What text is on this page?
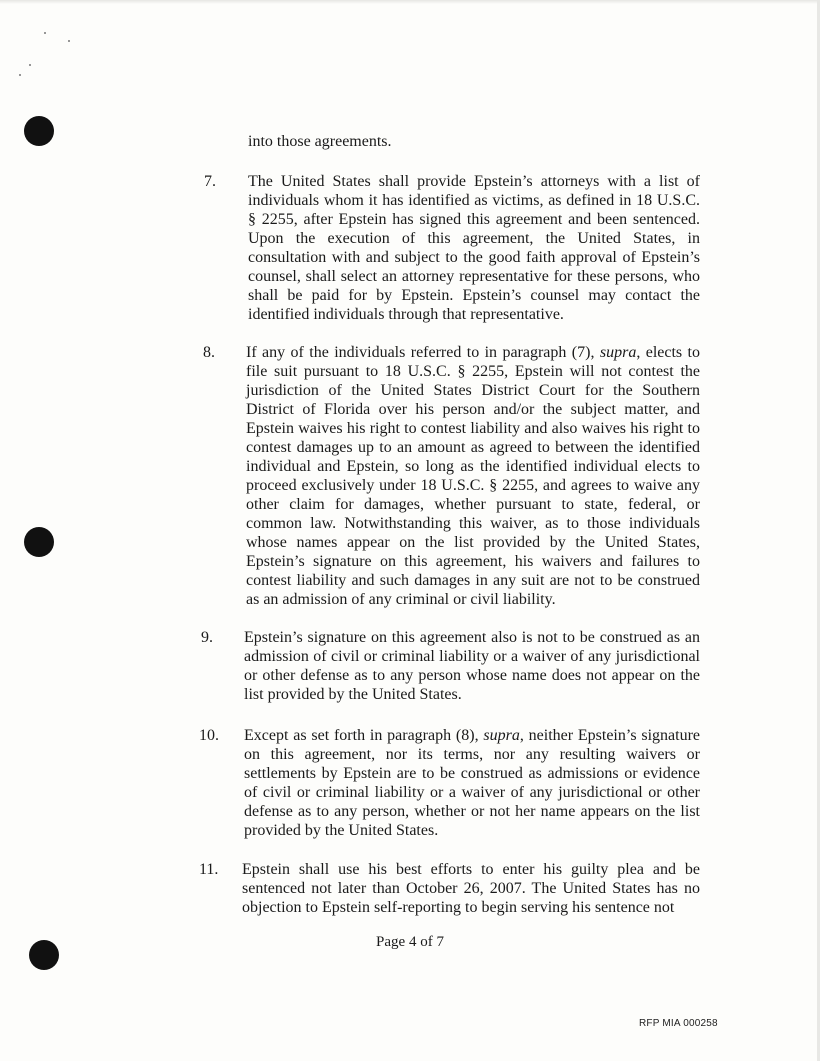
into those agreements.
7. The United States shall provide Epstein’s attorneys with a list of individuals whom it has identified as victims, as defined in 18 U.S.C. § 2255, after Epstein has signed this agreement and been sentenced. Upon the execution of this agreement, the United States, in consultation with and subject to the good faith approval of Epstein’s counsel, shall select an attorney representative for these persons, who shall be paid for by Epstein. Epstein’s counsel may contact the identified individuals through that representative.
8. If any of the individuals referred to in paragraph (7), supra, elects to file suit pursuant to 18 U.S.C. § 2255, Epstein will not contest the jurisdiction of the United States District Court for the Southern District of Florida over his person and/or the subject matter, and Epstein waives his right to contest liability and also waives his right to contest damages up to an amount as agreed to between the identified individual and Epstein, so long as the identified individual elects to proceed exclusively under 18 U.S.C. § 2255, and agrees to waive any other claim for damages, whether pursuant to state, federal, or common law. Notwithstanding this waiver, as to those individuals whose names appear on the list provided by the United States, Epstein’s signature on this agreement, his waivers and failures to contest liability and such damages in any suit are not to be construed as an admission of any criminal or civil liability.
9. Epstein’s signature on this agreement also is not to be construed as an admission of civil or criminal liability or a waiver of any jurisdictional or other defense as to any person whose name does not appear on the list provided by the United States.
10. Except as set forth in paragraph (8), supra, neither Epstein’s signature on this agreement, nor its terms, nor any resulting waivers or settlements by Epstein are to be construed as admissions or evidence of civil or criminal liability or a waiver of any jurisdictional or other defense as to any person, whether or not her name appears on the list provided by the United States.
11. Epstein shall use his best efforts to enter his guilty plea and be sentenced not later than October 26, 2007. The United States has no objection to Epstein self-reporting to begin serving his sentence not
Page 4 of 7
RFP MIA 000258
